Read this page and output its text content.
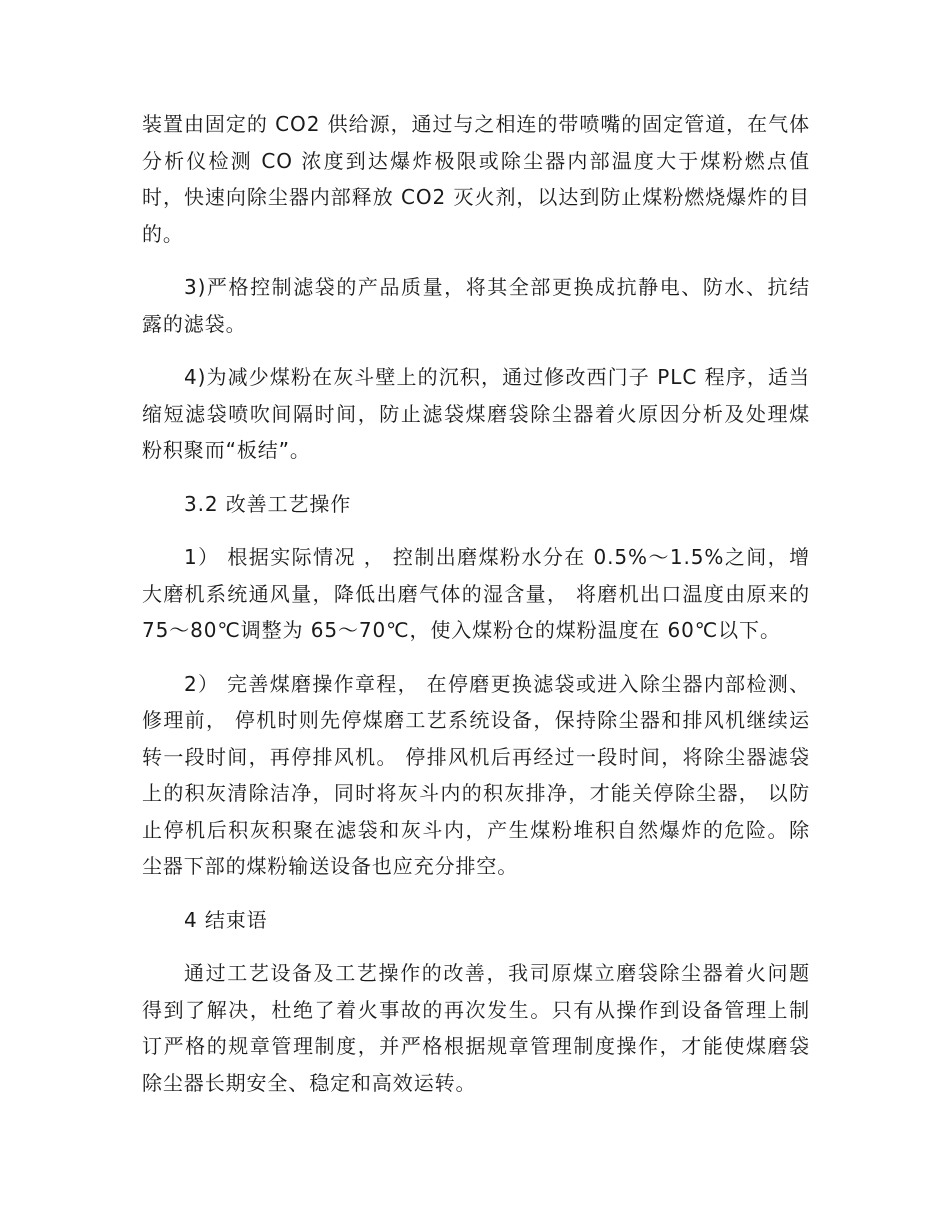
装置由固定的 CO2 供给源，通过与之相连的带喷嘴的固定管道，在气体分析仪检测 CO 浓度到达爆炸极限或除尘器内部温度大于煤粉燃点值时，快速向除尘器内部释放 CO2 灭火剂，以达到防止煤粉燃烧爆炸的目的。

3)严格控制滤袋的产品质量，将其全部更换成抗静电、防水、抗结露的滤袋。

4)为减少煤粉在灰斗壁上的沉积，通过修改西门子 PLC 程序，适当缩短滤袋喷吹间隔时间，防止滤袋煤磨袋除尘器着火原因分析及处理煤粉积聚而“板结”。

3.2 改善工艺操作

1） 根据实际情况 ， 控制出磨煤粉水分在 0.5%～1.5%之间，增大磨机系统通风量，降低出磨气体的湿含量， 将磨机出口温度由原来的 75～80℃调整为 65～70℃，使入煤粉仓的煤粉温度在 60℃以下。

2） 完善煤磨操作章程， 在停磨更换滤袋或进入除尘器内部检测、修理前， 停机时则先停煤磨工艺系统设备，保持除尘器和排风机继续运转一段时间，再停排风机。 停排风机后再经过一段时间，将除尘器滤袋上的积灰清除洁净，同时将灰斗内的积灰排净，才能关停除尘器， 以防止停机后积灰积聚在滤袋和灰斗内，产生煤粉堆积自然爆炸的危险。除尘器下部的煤粉输送设备也应充分排空。

4 结束语

通过工艺设备及工艺操作的改善，我司原煤立磨袋除尘器着火问题得到了解决，杜绝了着火事故的再次发生。只有从操作到设备管理上制订严格的规章管理制度，并严格根据规章管理制度操作，才能使煤磨袋除尘器长期安全、稳定和高效运转。
